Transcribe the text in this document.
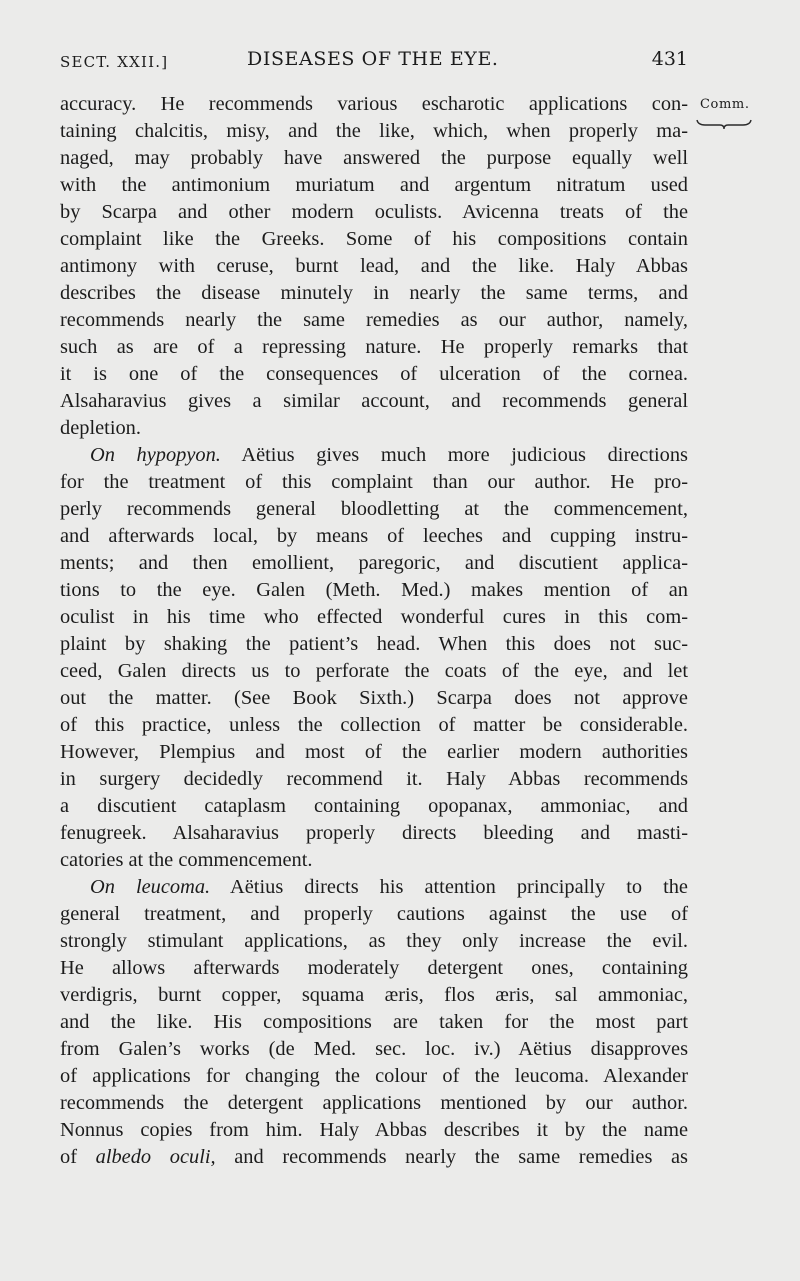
SECT. XXII.]	DISEASES OF THE EYE.	431
Comm.
accuracy. He recommends various escharotic applications con-
taining chalcitis, misy, and the like, which, when properly ma-
naged, may probably have answered the purpose equally well
with the antimonium muriatum and argentum nitratum used
by Scarpa and other modern oculists. Avicenna treats of the
complaint like the Greeks. Some of his compositions contain
antimony with ceruse, burnt lead, and the like. Haly Abbas
describes the disease minutely in nearly the same terms, and
recommends nearly the same remedies as our author, namely,
such as are of a repressing nature. He properly remarks that
it is one of the consequences of ulceration of the cornea.
Alsaharavius gives a similar account, and recommends general
depletion.
On hypopyon. Aëtius gives much more judicious directions
for the treatment of this complaint than our author. He pro-
perly recommends general bloodletting at the commencement,
and afterwards local, by means of leeches and cupping instru-
ments; and then emollient, paregoric, and discutient applica-
tions to the eye. Galen (Meth. Med.) makes mention of an
oculist in his time who effected wonderful cures in this com-
plaint by shaking the patient’s head. When this does not suc-
ceed, Galen directs us to perforate the coats of the eye, and let
out the matter. (See Book Sixth.) Scarpa does not approve
of this practice, unless the collection of matter be considerable.
However, Plempius and most of the earlier modern authorities
in surgery decidedly recommend it. Haly Abbas recommends
a discutient cataplasm containing opopanax, ammoniac, and
fenugreek. Alsaharavius properly directs bleeding and masti-
catories at the commencement.
On leucoma. Aëtius directs his attention principally to the
general treatment, and properly cautions against the use of
strongly stimulant applications, as they only increase the evil.
He allows afterwards moderately detergent ones, containing
verdigris, burnt copper, squama æris, flos æris, sal ammoniac,
and the like. His compositions are taken for the most part
from Galen’s works (de Med. sec. loc. iv.) Aëtius disapproves
of applications for changing the colour of the leucoma. Alexander
recommends the detergent applications mentioned by our author.
Nonnus copies from him. Haly Abbas describes it by the name
of albedo oculi, and recommends nearly the same remedies as
